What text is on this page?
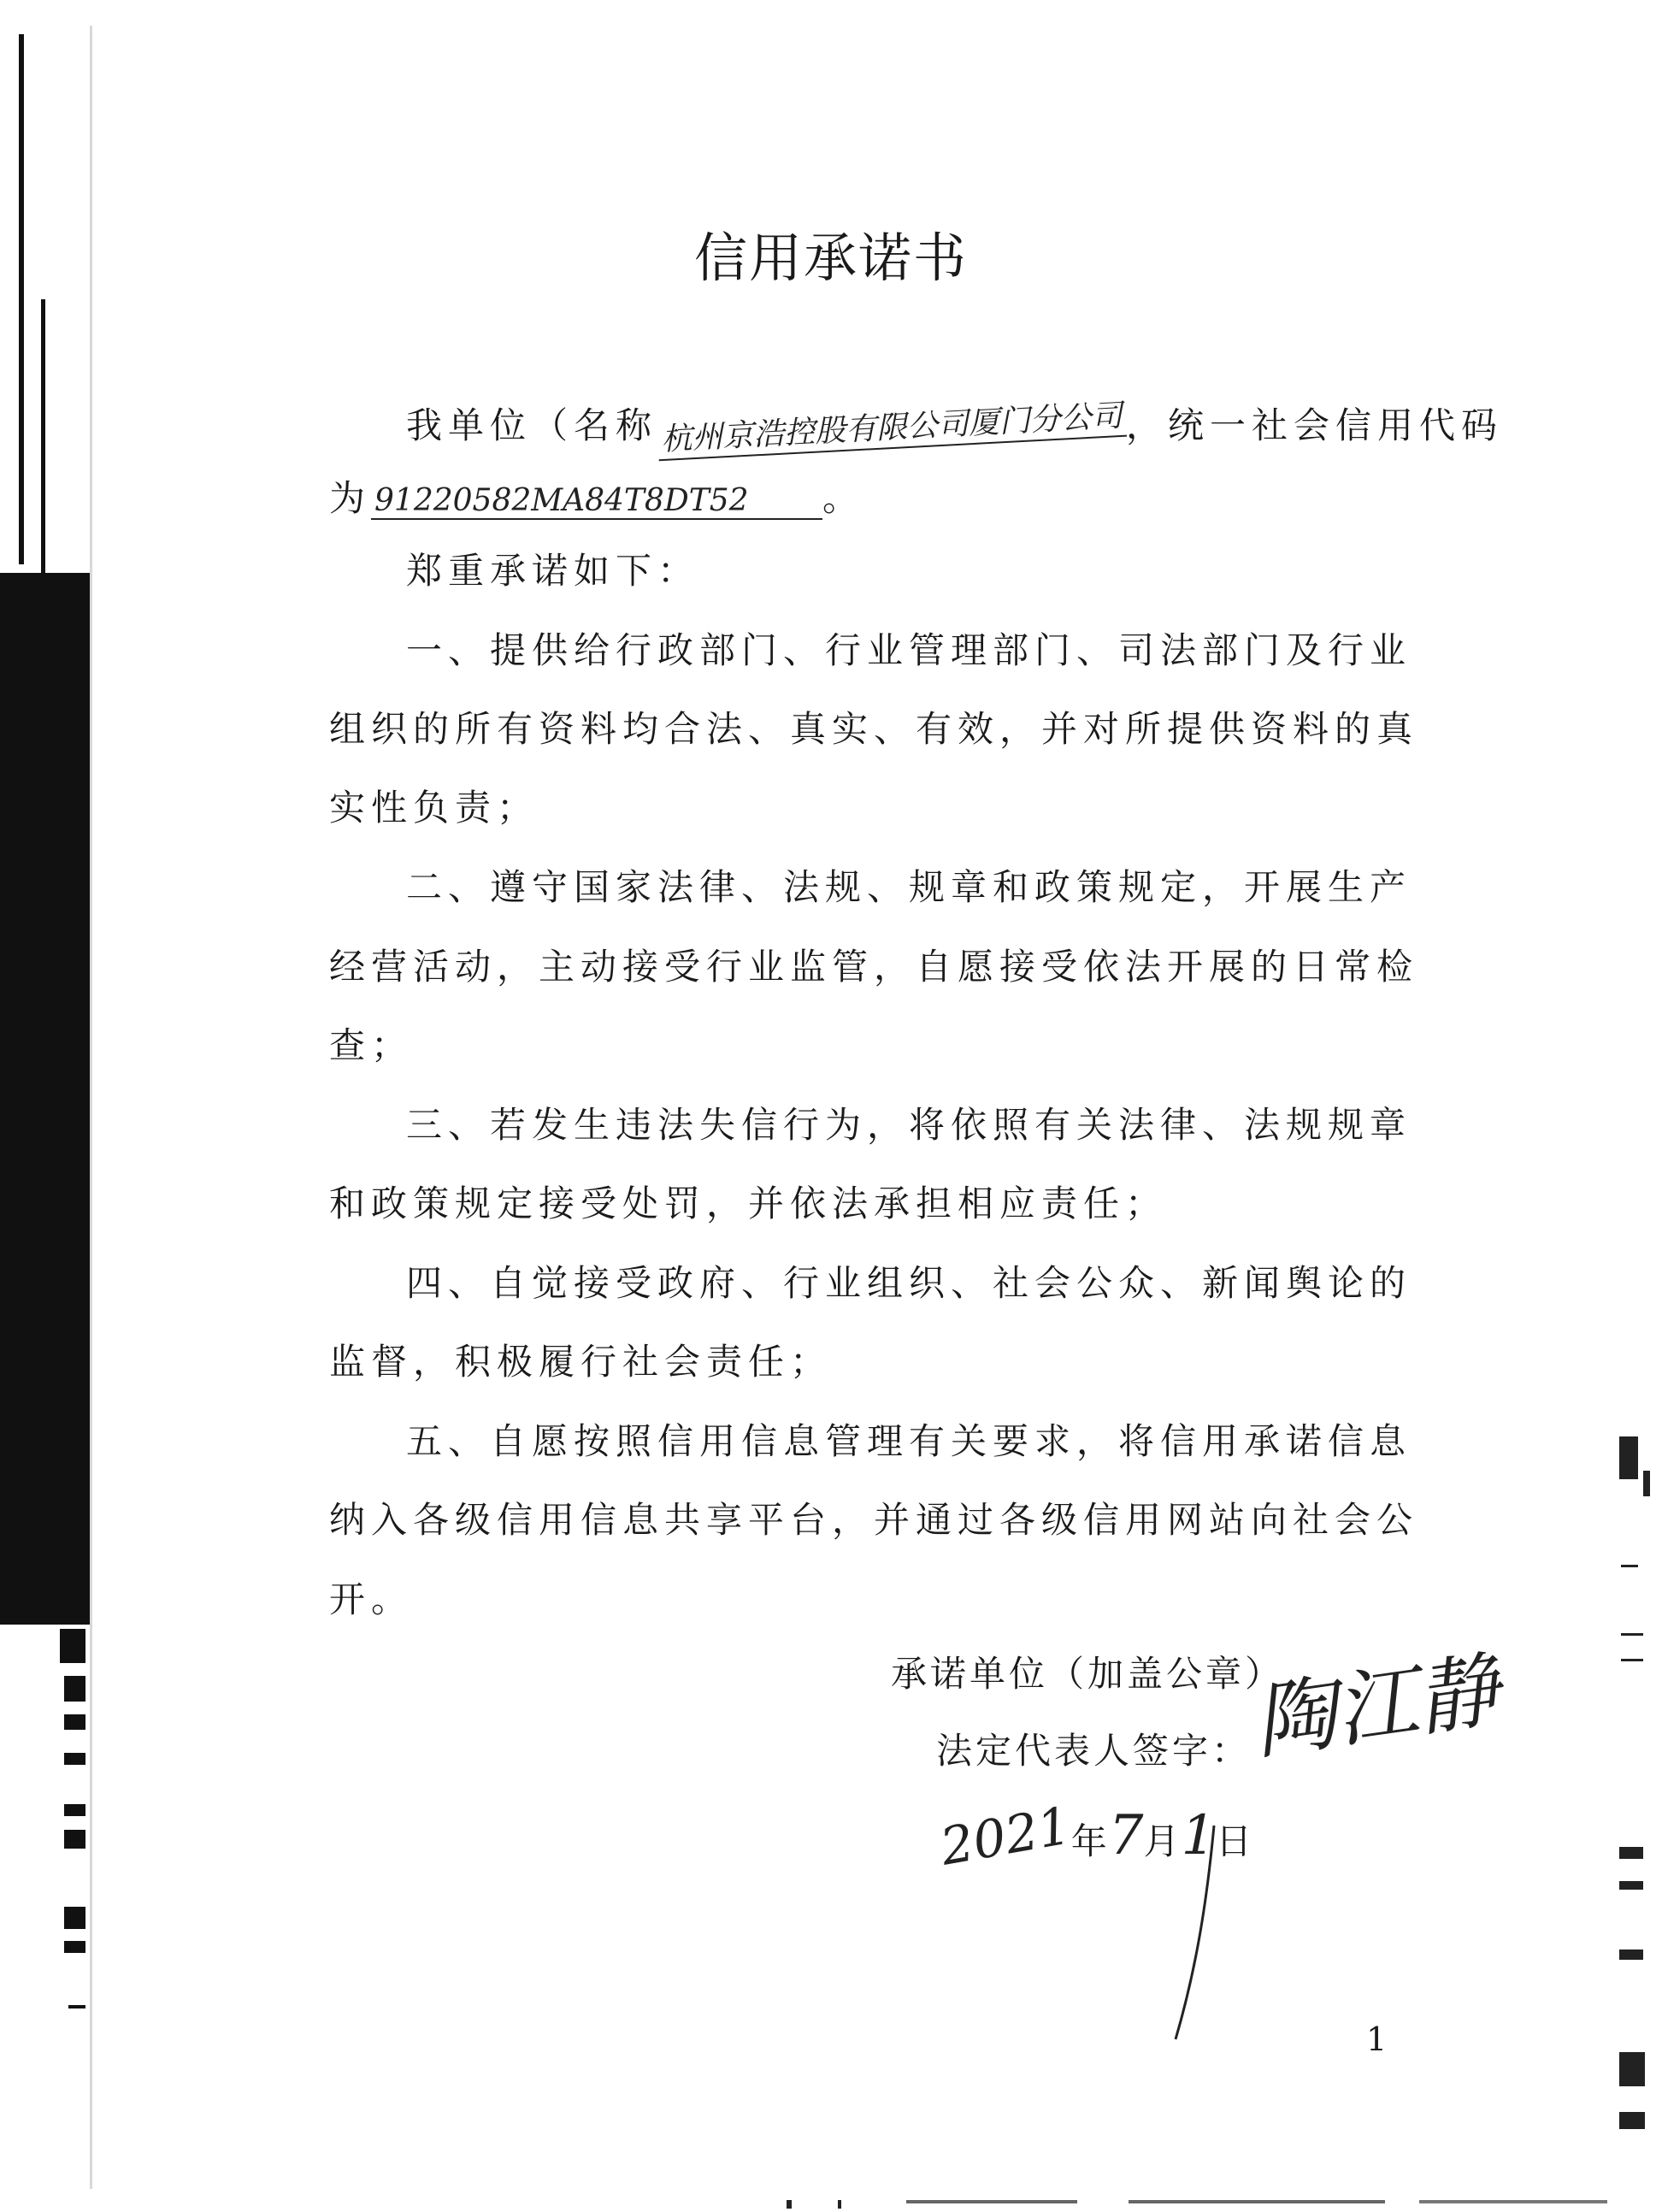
信用承诺书
我单位（名称杭州京浩控股有限公司厦门分公司，统一社会信用代码
为 91220582MA84T8DT52 。
郑重承诺如下：
一、提供给行政部门、行业管理部门、司法部门及行业
组织的所有资料均合法、真实、有效，并对所提供资料的真
实性负责；
二、遵守国家法律、法规、规章和政策规定，开展生产
经营活动，主动接受行业监管，自愿接受依法开展的日常检
查；
三、若发生违法失信行为，将依照有关法律、法规规章
和政策规定接受处罚，并依法承担相应责任；
四、自觉接受政府、行业组织、社会公众、新闻舆论的
监督，积极履行社会责任；
五、自愿按照信用信息管理有关要求，将信用承诺信息
纳入各级信用信息共享平台，并通过各级信用网站向社会公
开。
承诺单位（加盖公章）
法定代表人签字：
陶江静
2021年7月1日
1
